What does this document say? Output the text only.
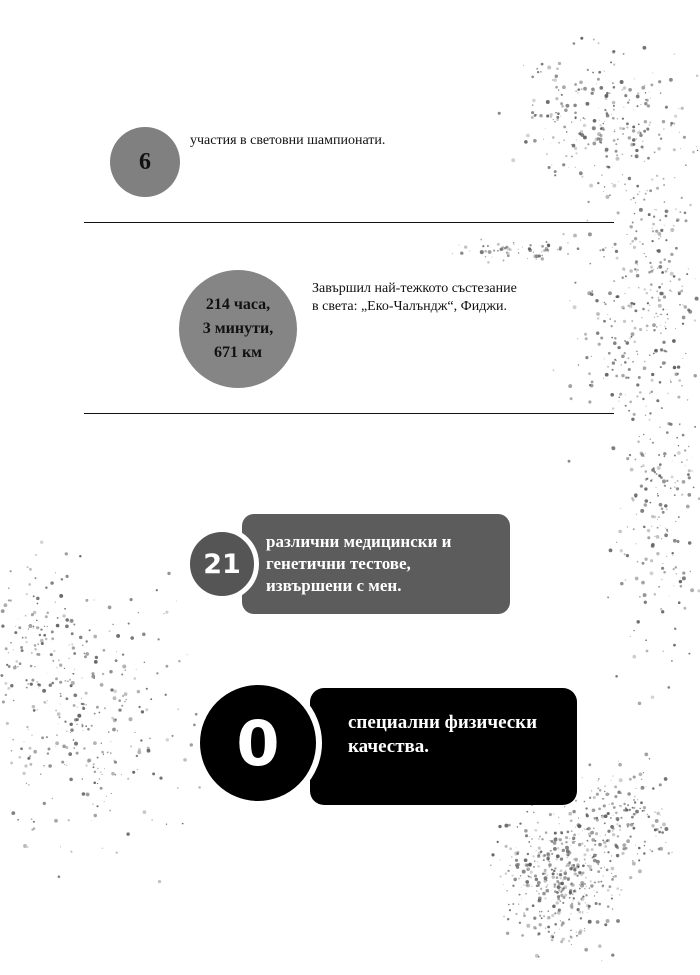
6
участия в световни шампионати.
214 часа,
3 минути,
671 км
Завършил най-тежкото състезание
в света: „Еко-Чалъндж“, Фиджи.
различни медицински и
генетични тестове,
извършени с мен.
21
специални физически
качества.
0
